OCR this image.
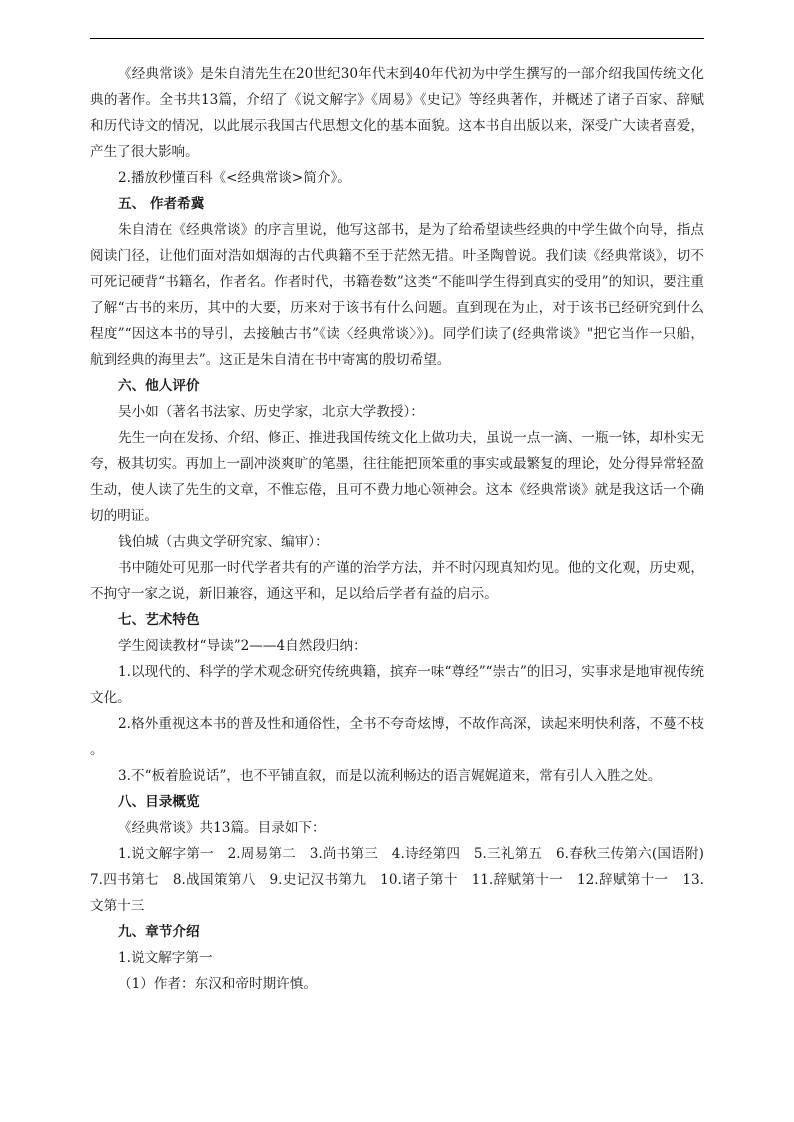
《经典常谈》是朱自清先生在20世纪30年代末到40年代初为中学生撰写的一部介绍我国传统文化典的著作。全书共13篇，介绍了《说文解字》《周易》《史记》等经典著作，并概述了诸子百家、辞赋和历代诗文的情况，以此展示我国古代思想文化的基本面貌。这本书自出版以来，深受广大读者喜爱，产生了很大影响。

2.播放秒懂百科《<经典常谈>简介》。

五、 作者希冀

朱自清在《经典常谈》的序言里说，他写这部书，是为了给希望读些经典的中学生做个向导，指点阅读门径，让他们面对浩如烟海的古代典籍不至于茫然无措。叶圣陶曾说。我们读《经典常谈》，切不可死记硬背“书籍名，作者名。作者时代，书籍卷数”这类“不能叫学生得到真实的受用”的知识，要注重了解“古书的来历，其中的大要，历来对于该书有什么问题。直到现在为止，对于该书已经研究到什么程度”“因这本书的导引，去接触古书”《读〈经典常谈〉》)。同学们读了(经典常谈》"把它当作一只船，航到经典的海里去”。这正是朱自清在书中寄寓的殷切希望。

六、他人评价

吴小如（著名书法家、历史学家，北京大学教授）：

先生一向在发扬、介绍、修正、推进我国传统文化上做功夫，虽说一点一滴、一瓶一钵，却朴实无夸，极其切实。再加上一副冲淡爽旷的笔墨，往往能把顶笨重的事实或最繁复的理论，处分得异常轻盈生动，使人读了先生的文章，不惟忘倦，且可不费力地心领神会。这本《经典常谈》就是我这话一个确切的明证。

钱伯城（古典文学研究家、编审）：

书中随处可见那一时代学者共有的产谨的治学方法，并不时闪现真知灼见。他的文化观，历史观，不拘守一家之说，新旧兼容，通这平和，足以给后学者有益的启示。

七、艺术特色

学生阅读教材“导读”2——4自然段归纳：

1.以现代的、科学的学术观念研究传统典籍，摈弃一味“尊经”“崇古”的旧习，实事求是地审视传统文化。

2.格外重视这本书的普及性和通俗性，全书不夸奇炫博，不故作高深，读起来明快利落，不蔓不枝。

3.不“板着脸说话”，也不平铺直叙，而是以流利畅达的语言娓娓道来，常有引人入胜之处。

八、目录概览

《经典常谈》共13篇。目录如下：

1.说文解字第一　2.周易第二　3.尚书第三　4.诗经第四　5.三礼第五　6.春秋三传第六(国语附)　7.四书第七　8.战国策第八　9.史记汉书第九　10.诸子第十　11.辞赋第十一　12.辞赋第十一　13.文第十三

九、章节介绍

1.说文解字第一

（1）作者：东汉和帝时期许慎。
